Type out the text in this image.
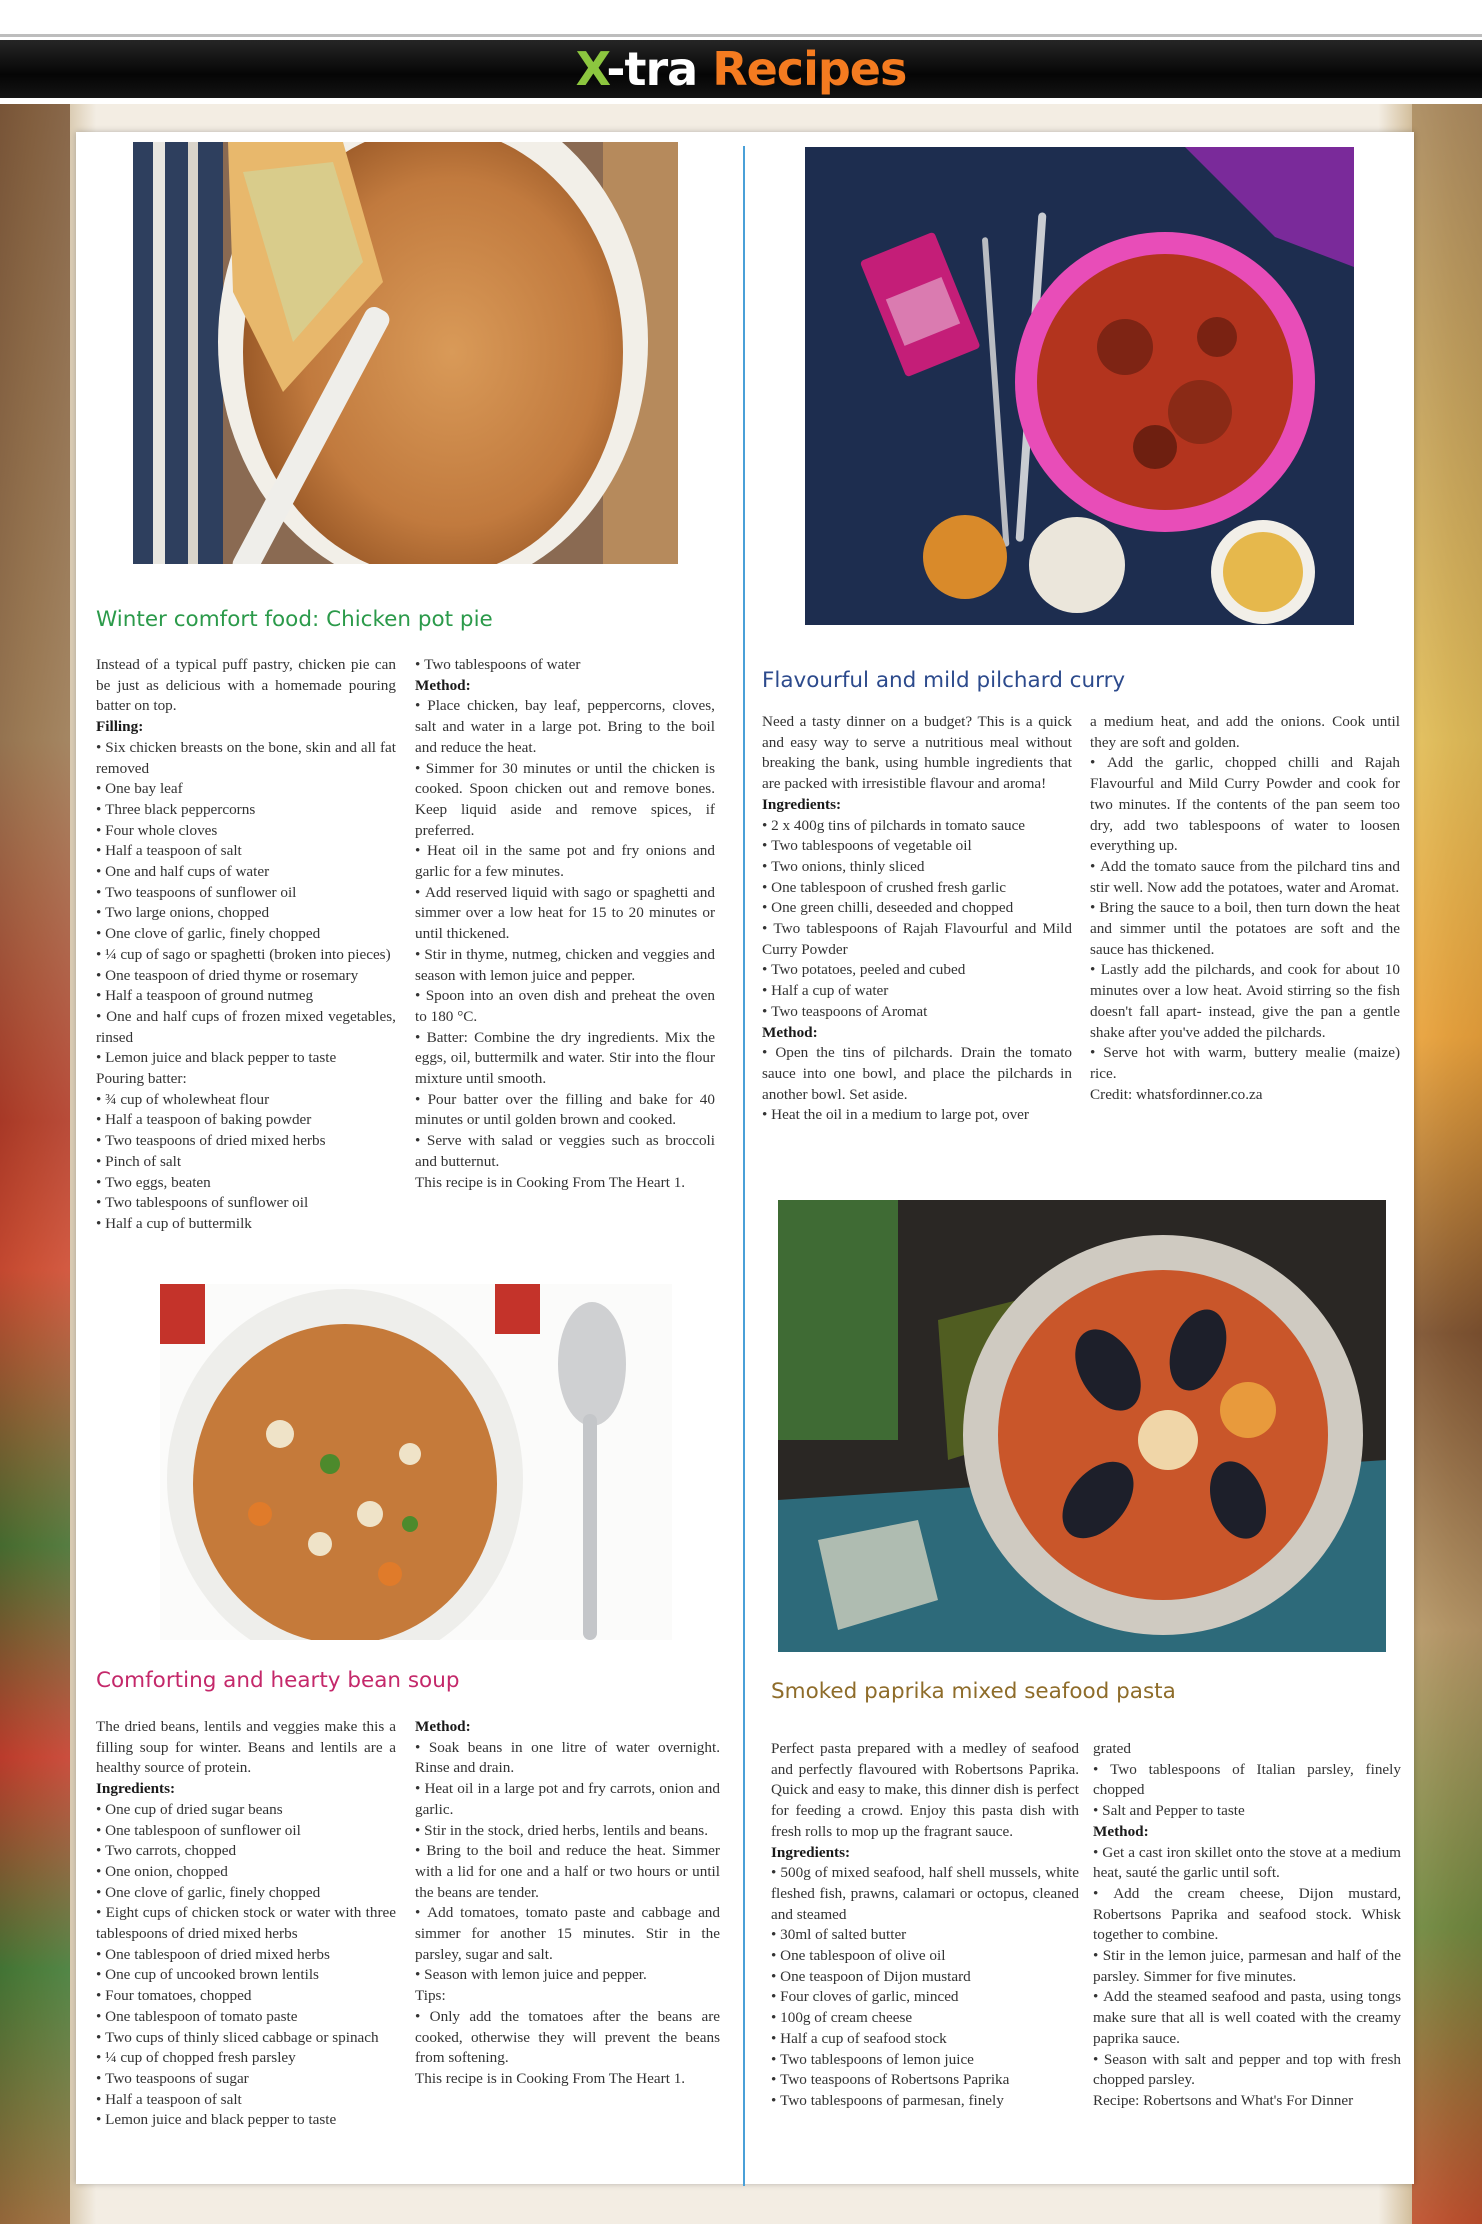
X-tra Recipes
Winter comfort food: Chicken pot pie

Instead of a typical puff pastry, chicken pie can be just as delicious with a homemade pouring batter on top.

Filling:

• Six chicken breasts on the bone, skin and all fat removed

• One bay leaf

• Three black peppercorns

• Four whole cloves

• Half a teaspoon of salt

• One and half cups of water

• Two teaspoons of sunflower oil

• Two large onions, chopped

• One clove of garlic, finely chopped

• ¼ cup of sago or spaghetti (broken into pieces)

• One teaspoon of dried thyme or rosemary

• Half a teaspoon of ground nutmeg

• One and half cups of frozen mixed vegetables, rinsed

• Lemon juice and black pepper to taste

Pouring batter:

• ¾ cup of wholewheat flour

• Half a teaspoon of baking powder

• Two teaspoons of dried mixed herbs

• Pinch of salt

• Two eggs, beaten

• Two tablespoons of sunflower oil

• Half a cup of buttermilk

• Two tablespoons of water

Method:

• Place chicken, bay leaf, peppercorns, cloves, salt and water in a large pot. Bring to the boil and reduce the heat.

• Simmer for 30 minutes or until the chicken is cooked. Spoon chicken out and remove bones. Keep liquid aside and remove spices, if preferred.

• Heat oil in the same pot and fry onions and garlic for a few minutes.

• Add reserved liquid with sago or spaghetti and simmer over a low heat for 15 to 20 minutes or until thickened.

• Stir in thyme, nutmeg, chicken and veggies and season with lemon juice and pepper.

• Spoon into an oven dish and preheat the oven to 180 °C.

• Batter: Combine the dry ingredients. Mix the eggs, oil, buttermilk and water. Stir into the flour mixture until smooth.

• Pour batter over the filling and bake for 40 minutes or until golden brown and cooked.

• Serve with salad or veggies such as broccoli and butternut.

This recipe is in Cooking From The Heart 1.

Flavourful and mild pilchard curry

Need a tasty dinner on a budget? This is a quick and easy way to serve a nutritious meal without breaking the bank, using humble ingredients that are packed with irresistible flavour and aroma!

Ingredients:

• 2 x 400g tins of pilchards in tomato sauce

• Two tablespoons of vegetable oil

• Two onions, thinly sliced

• One tablespoon of crushed fresh garlic

• One green chilli, deseeded and chopped

• Two tablespoons of Rajah Flavourful and Mild Curry Powder

• Two potatoes, peeled and cubed

• Half a cup of water

• Two teaspoons of Aromat

Method:

• Open the tins of pilchards. Drain the tomato sauce into one bowl, and place the pilchards in another bowl. Set aside.

• Heat the oil in a medium to large pot, over

a medium heat, and add the onions. Cook until they are soft and golden.

• Add the garlic, chopped chilli and Rajah Flavourful and Mild Curry Powder and cook for two minutes. If the contents of the pan seem too dry, add two tablespoons of water to loosen everything up.

• Add the tomato sauce from the pilchard tins and stir well. Now add the potatoes, water and Aromat.

• Bring the sauce to a boil, then turn down the heat and simmer until the potatoes are soft and the sauce has thickened.

• Lastly add the pilchards, and cook for about 10 minutes over a low heat. Avoid stirring so the fish doesn't fall apart- instead, give the pan a gentle shake after you've added the pilchards.

• Serve hot with warm, buttery mealie (maize) rice.

Credit: whatsfordinner.co.za

Comforting and hearty bean soup

The dried beans, lentils and veggies make this a filling soup for winter. Beans and lentils are a healthy source of protein.

Ingredients:

• One cup of dried sugar beans

• One tablespoon of sunflower oil

• Two carrots, chopped

• One onion, chopped

• One clove of garlic, finely chopped

• Eight cups of chicken stock or water with three tablespoons of dried mixed herbs

• One tablespoon of dried mixed herbs

• One cup of uncooked brown lentils

• Four tomatoes, chopped

• One tablespoon of tomato paste

• Two cups of thinly sliced cabbage or spinach

• ¼ cup of chopped fresh parsley

• Two teaspoons of sugar

• Half a teaspoon of salt

• Lemon juice and black pepper to taste

Method:

• Soak beans in one litre of water overnight. Rinse and drain.

• Heat oil in a large pot and fry carrots, onion and garlic.

• Stir in the stock, dried herbs, lentils and beans.

• Bring to the boil and reduce the heat. Simmer with a lid for one and a half or two hours or until the beans are tender.

• Add tomatoes, tomato paste and cabbage and simmer for another 15 minutes. Stir in the parsley, sugar and salt.

• Season with lemon juice and pepper.

Tips:

• Only add the tomatoes after the beans are cooked, otherwise they will prevent the beans from softening.

This recipe is in Cooking From The Heart 1.

Smoked paprika mixed seafood pasta

Perfect pasta prepared with a medley of seafood and perfectly flavoured with Robertsons Paprika. Quick and easy to make, this dinner dish is perfect for feeding a crowd. Enjoy this pasta dish with fresh rolls to mop up the fragrant sauce.

Ingredients:

• 500g of mixed seafood, half shell mussels, white fleshed fish, prawns, calamari or octopus, cleaned and steamed

• 30ml of salted butter

• One tablespoon of olive oil

• One teaspoon of Dijon mustard

• Four cloves of garlic, minced

• 100g of cream cheese

• Half a cup of seafood stock

• Two tablespoons of lemon juice

• Two teaspoons of Robertsons Paprika

• Two tablespoons of parmesan, finely

grated

• Two tablespoons of Italian parsley, finely chopped

• Salt and Pepper to taste

Method:

• Get a cast iron skillet onto the stove at a medium heat, sauté the garlic until soft.

• Add the cream cheese, Dijon mustard, Robertsons Paprika and seafood stock. Whisk together to combine.

• Stir in the lemon juice, parmesan and half of the parsley. Simmer for five minutes.

• Add the steamed seafood and pasta, using tongs make sure that all is well coated with the creamy paprika sauce.

• Season with salt and pepper and top with fresh chopped parsley.

Recipe: Robertsons and What's For Dinner
